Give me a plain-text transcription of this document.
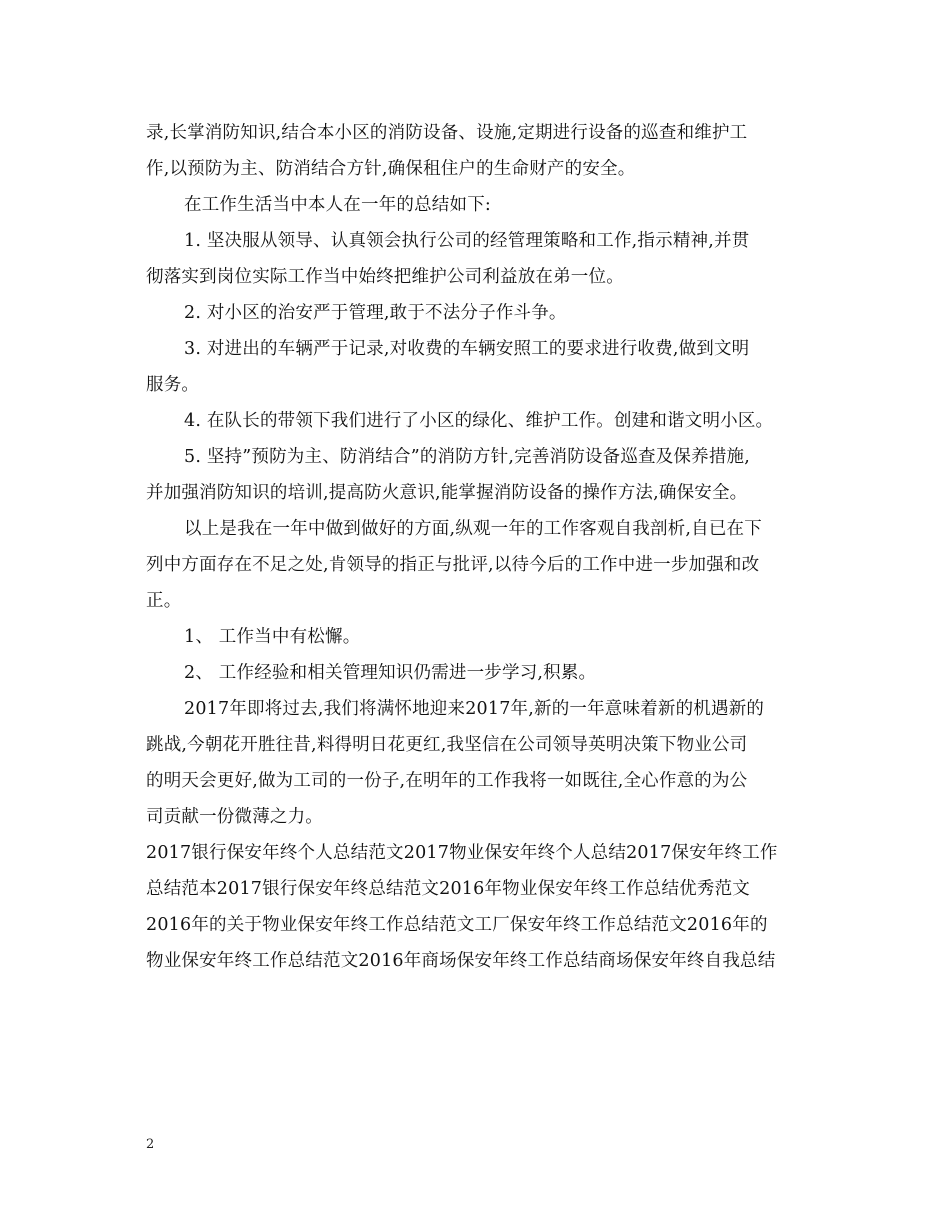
录,长掌消防知识,结合本小区的消防设备、设施,定期进行设备的巡查和维护工
作,以预防为主、防消结合方针,确保租住户的生命财产的安全。
在工作生活当中本人在一年的总结如下:
1. 坚决服从领导、认真领会执行公司的经管理策略和工作,指示精神,并贯
彻落实到岗位实际工作当中始终把维护公司利益放在弟一位。
2. 对小区的治安严于管理,敢于不法分子作斗争。
3. 对进出的车辆严于记录,对收费的车辆安照工的要求进行收费,做到文明
服务。
4. 在队长的带领下我们进行了小区的绿化、维护工作。创建和谐文明小区。
5. 坚持”预防为主、防消结合”的消防方针,完善消防设备巡查及保养措施,
并加强消防知识的培训,提高防火意识,能掌握消防设备的操作方法,确保安全。
以上是我在一年中做到做好的方面,纵观一年的工作客观自我剖析,自已在下
列中方面存在不足之处,肯领导的指正与批评,以待今后的工作中进一步加强和改
正。
1、 工作当中有松懈。
2、 工作经验和相关管理知识仍需进一步学习,积累。
2017年即将过去,我们将满怀地迎来2017年,新的一年意味着新的机遇新的
跳战,今朝花开胜往昔,料得明日花更红,我坚信在公司领导英明决策下物业公司
的明天会更好,做为工司的一份子,在明年的工作我将一如既往,全心作意的为公
司贡献一份微薄之力。
2017银行保安年终个人总结范文2017物业保安年终个人总结2017保安年终工作
总结范本2017银行保安年终总结范文2016年物业保安年终工作总结优秀范文
2016年的关于物业保安年终工作总结范文工厂保安年终工作总结范文2016年的
物业保安年终工作总结范文2016年商场保安年终工作总结商场保安年终自我总结
2
